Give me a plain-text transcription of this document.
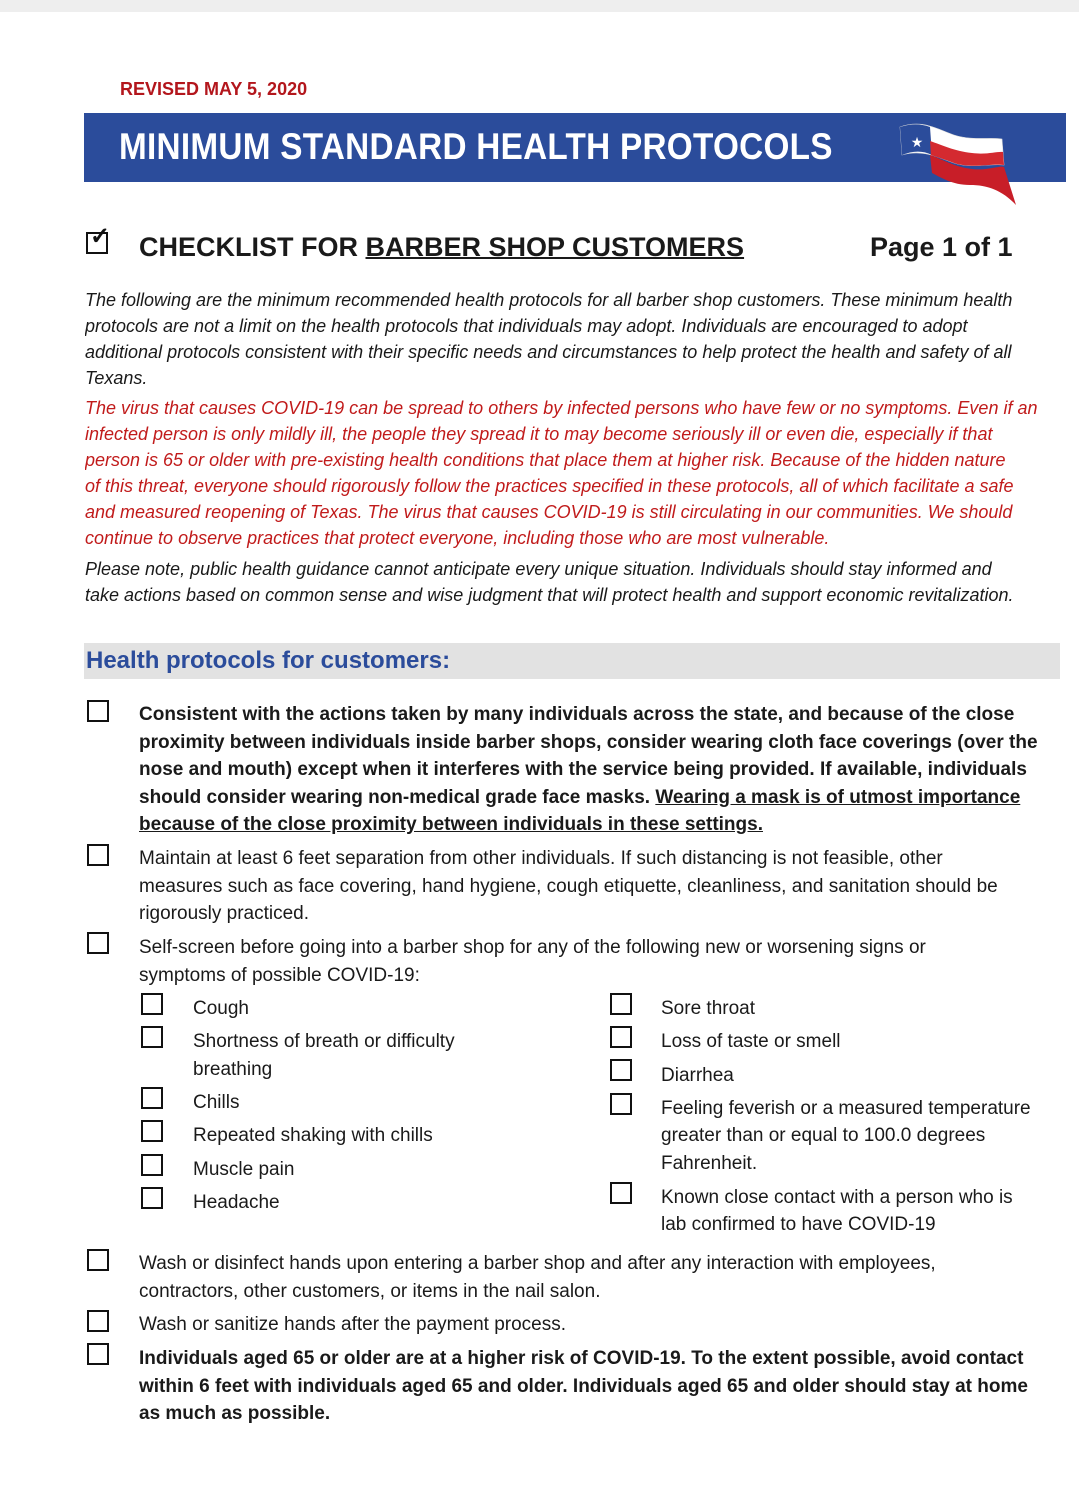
REVISED MAY 5, 2020
MINIMUM STANDARD HEALTH PROTOCOLS	★
✓ CHECKLIST FOR BARBER SHOP CUSTOMERS	Page 1 of 1
The following are the minimum recommended health protocols for all barber shop customers. These minimum health
protocols are not a limit on the health protocols that individuals may adopt. Individuals are encouraged to adopt
additional protocols consistent with their specific needs and circumstances to help protect the health and safety of all
Texans.
The virus that causes COVID-19 can be spread to others by infected persons who have few or no symptoms. Even if an
infected person is only mildly ill, the people they spread it to may become seriously ill or even die, especially if that
person is 65 or older with pre-existing health conditions that place them at higher risk. Because of the hidden nature
of this threat, everyone should rigorously follow the practices specified in these protocols, all of which facilitate a safe
and measured reopening of Texas. The virus that causes COVID-19 is still circulating in our communities. We should
continue to observe practices that protect everyone, including those who are most vulnerable.
Please note, public health guidance cannot anticipate every unique situation. Individuals should stay informed and
take actions based on common sense and wise judgment that will protect health and support economic revitalization.
Health protocols for customers:
Consistent with the actions taken by many individuals across the state, and because of the close
proximity between individuals inside barber shops, consider wearing cloth face coverings (over the
nose and mouth) except when it interferes with the service being provided. If available, individuals
should consider wearing non-medical grade face masks. Wearing a mask is of utmost importance
because of the close proximity between individuals in these settings.
Maintain at least 6 feet separation from other individuals. If such distancing is not feasible, other
measures such as face covering, hand hygiene, cough etiquette, cleanliness, and sanitation should be
rigorously practiced.
Self-screen before going into a barber shop for any of the following new or worsening signs or
symptoms of possible COVID-19:
Cough
Shortness of breath or difficulty
breathing
Chills
Repeated shaking with chills
Muscle pain
Headache
Sore throat
Loss of taste or smell
Diarrhea
Feeling feverish or a measured temperature
greater than or equal to 100.0 degrees
Fahrenheit.
Known close contact with a person who is
lab confirmed to have COVID-19
Wash or disinfect hands upon entering a barber shop and after any interaction with employees,
contractors, other customers, or items in the nail salon.
Wash or sanitize hands after the payment process.
Individuals aged 65 or older are at a higher risk of COVID-19. To the extent possible, avoid contact
within 6 feet with individuals aged 65 and older. Individuals aged 65 and older should stay at home
as much as possible.
